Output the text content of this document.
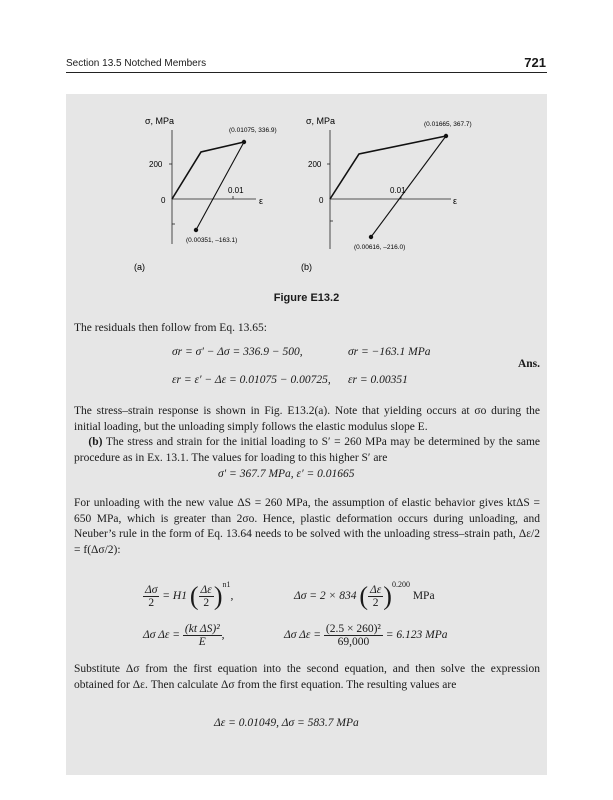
Section 13.5 Notched Members	721
σ, MPa
200
0
0.01
ε
(0.01075, 336.9)
(0.00351, –163.1)
(a)
σ, MPa
200
0
0.01
ε
(0.01665, 367.7)
(0.00616, –216.0)
(b)
Figure E13.2
The residuals then follow from Eq. 13.65:
σr = σ′ − Δσ = 336.9 − 500,	σr = −163.1 MPa
Ans.
εr = ε′ − Δε = 0.01075 − 0.00725, εr = 0.00351
The stress–strain response is shown in Fig. E13.2(a). Note that yielding occurs at σo during the initial loading, but the unloading simply follows the elastic modulus slope E.
(b) The stress and strain for the initial loading to S′ = 260 MPa may be determined by the same procedure as in Ex. 13.1. The values for loading to this higher S′ are
σ′ = 367.7 MPa, ε′ = 0.01665
For unloading with the new value ΔS = 260 MPa, the assumption of elastic behavior gives ktΔS = 650 MPa, which is greater than 2σo. Hence, plastic deformation occurs during unloading, and Neuber’s rule in the form of Eq. 13.64 needs to be solved with the unloading stress–strain path, Δε/2 = f(Δσ/2):
$\frac{\Delta\sigma}{2} = H1$ ( $\frac{\Delta\varepsilon}{2} )^{n1}$,	Δσ = 2 × 834 ( $\frac{\Delta\varepsilon}{2} )^{0.200}$ MPa
Δσ $\Delta\varepsilon = \frac{\text{(kt ΔS)²}}{E}$ ,	Δσ $\Delta\varepsilon = \frac{\text{(2.5 × 260)²}}{69,000} = 6.123$ MPa
Substitute Δσ from the first equation into the second equation, and then solve the expression obtained for Δε. Then calculate Δσ from the first equation. The resulting values are
Δε = 0.01049, Δσ = 583.7 MPa
